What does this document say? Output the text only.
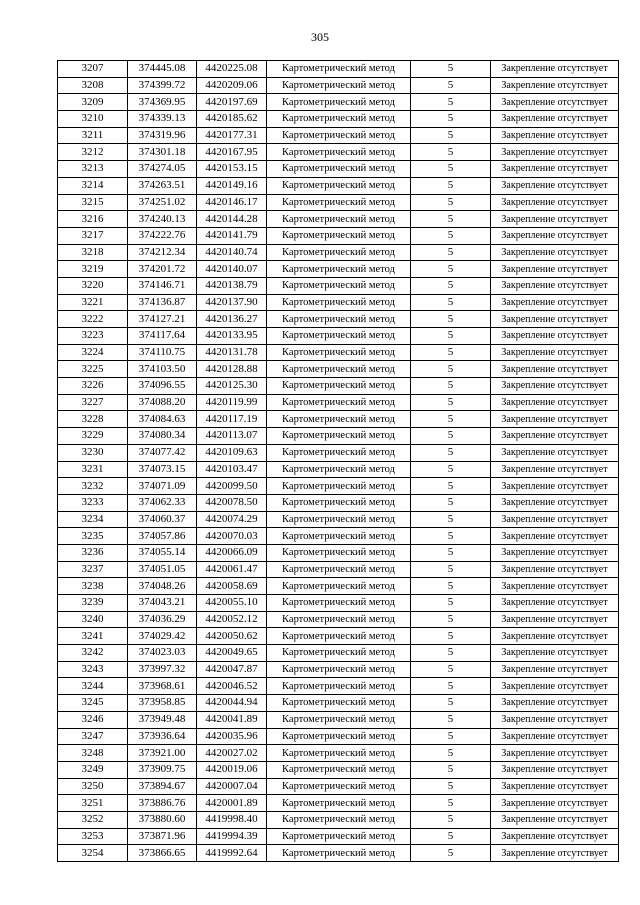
305
3207	374445.08	4420225.08	Картометрический метод	5	Закрепление отсутствует
3208	374399.72	4420209.06	Картометрический метод	5	Закрепление отсутствует
3209	374369.95	4420197.69	Картометрический метод	5	Закрепление отсутствует
3210	374339.13	4420185.62	Картометрический метод	5	Закрепление отсутствует
3211	374319.96	4420177.31	Картометрический метод	5	Закрепление отсутствует
3212	374301.18	4420167.95	Картометрический метод	5	Закрепление отсутствует
3213	374274.05	4420153.15	Картометрический метод	5	Закрепление отсутствует
3214	374263.51	4420149.16	Картометрический метод	5	Закрепление отсутствует
3215	374251.02	4420146.17	Картометрический метод	5	Закрепление отсутствует
3216	374240.13	4420144.28	Картометрический метод	5	Закрепление отсутствует
3217	374222.76	4420141.79	Картометрический метод	5	Закрепление отсутствует
3218	374212.34	4420140.74	Картометрический метод	5	Закрепление отсутствует
3219	374201.72	4420140.07	Картометрический метод	5	Закрепление отсутствует
3220	374146.71	4420138.79	Картометрический метод	5	Закрепление отсутствует
3221	374136.87	4420137.90	Картометрический метод	5	Закрепление отсутствует
3222	374127.21	4420136.27	Картометрический метод	5	Закрепление отсутствует
3223	374117.64	4420133.95	Картометрический метод	5	Закрепление отсутствует
3224	374110.75	4420131.78	Картометрический метод	5	Закрепление отсутствует
3225	374103.50	4420128.88	Картометрический метод	5	Закрепление отсутствует
3226	374096.55	4420125.30	Картометрический метод	5	Закрепление отсутствует
3227	374088.20	4420119.99	Картометрический метод	5	Закрепление отсутствует
3228	374084.63	4420117.19	Картометрический метод	5	Закрепление отсутствует
3229	374080.34	4420113.07	Картометрический метод	5	Закрепление отсутствует
3230	374077.42	4420109.63	Картометрический метод	5	Закрепление отсутствует
3231	374073.15	4420103.47	Картометрический метод	5	Закрепление отсутствует
3232	374071.09	4420099.50	Картометрический метод	5	Закрепление отсутствует
3233	374062.33	4420078.50	Картометрический метод	5	Закрепление отсутствует
3234	374060.37	4420074.29	Картометрический метод	5	Закрепление отсутствует
3235	374057.86	4420070.03	Картометрический метод	5	Закрепление отсутствует
3236	374055.14	4420066.09	Картометрический метод	5	Закрепление отсутствует
3237	374051.05	4420061.47	Картометрический метод	5	Закрепление отсутствует
3238	374048.26	4420058.69	Картометрический метод	5	Закрепление отсутствует
3239	374043.21	4420055.10	Картометрический метод	5	Закрепление отсутствует
3240	374036.29	4420052.12	Картометрический метод	5	Закрепление отсутствует
3241	374029.42	4420050.62	Картометрический метод	5	Закрепление отсутствует
3242	374023.03	4420049.65	Картометрический метод	5	Закрепление отсутствует
3243	373997.32	4420047.87	Картометрический метод	5	Закрепление отсутствует
3244	373968.61	4420046.52	Картометрический метод	5	Закрепление отсутствует
3245	373958.85	4420044.94	Картометрический метод	5	Закрепление отсутствует
3246	373949.48	4420041.89	Картометрический метод	5	Закрепление отсутствует
3247	373936.64	4420035.96	Картометрический метод	5	Закрепление отсутствует
3248	373921.00	4420027.02	Картометрический метод	5	Закрепление отсутствует
3249	373909.75	4420019.06	Картометрический метод	5	Закрепление отсутствует
3250	373894.67	4420007.04	Картометрический метод	5	Закрепление отсутствует
3251	373886.76	4420001.89	Картометрический метод	5	Закрепление отсутствует
3252	373880.60	4419998.40	Картометрический метод	5	Закрепление отсутствует
3253	373871.96	4419994.39	Картометрический метод	5	Закрепление отсутствует
3254	373866.65	4419992.64	Картометрический метод	5	Закрепление отсутствует
